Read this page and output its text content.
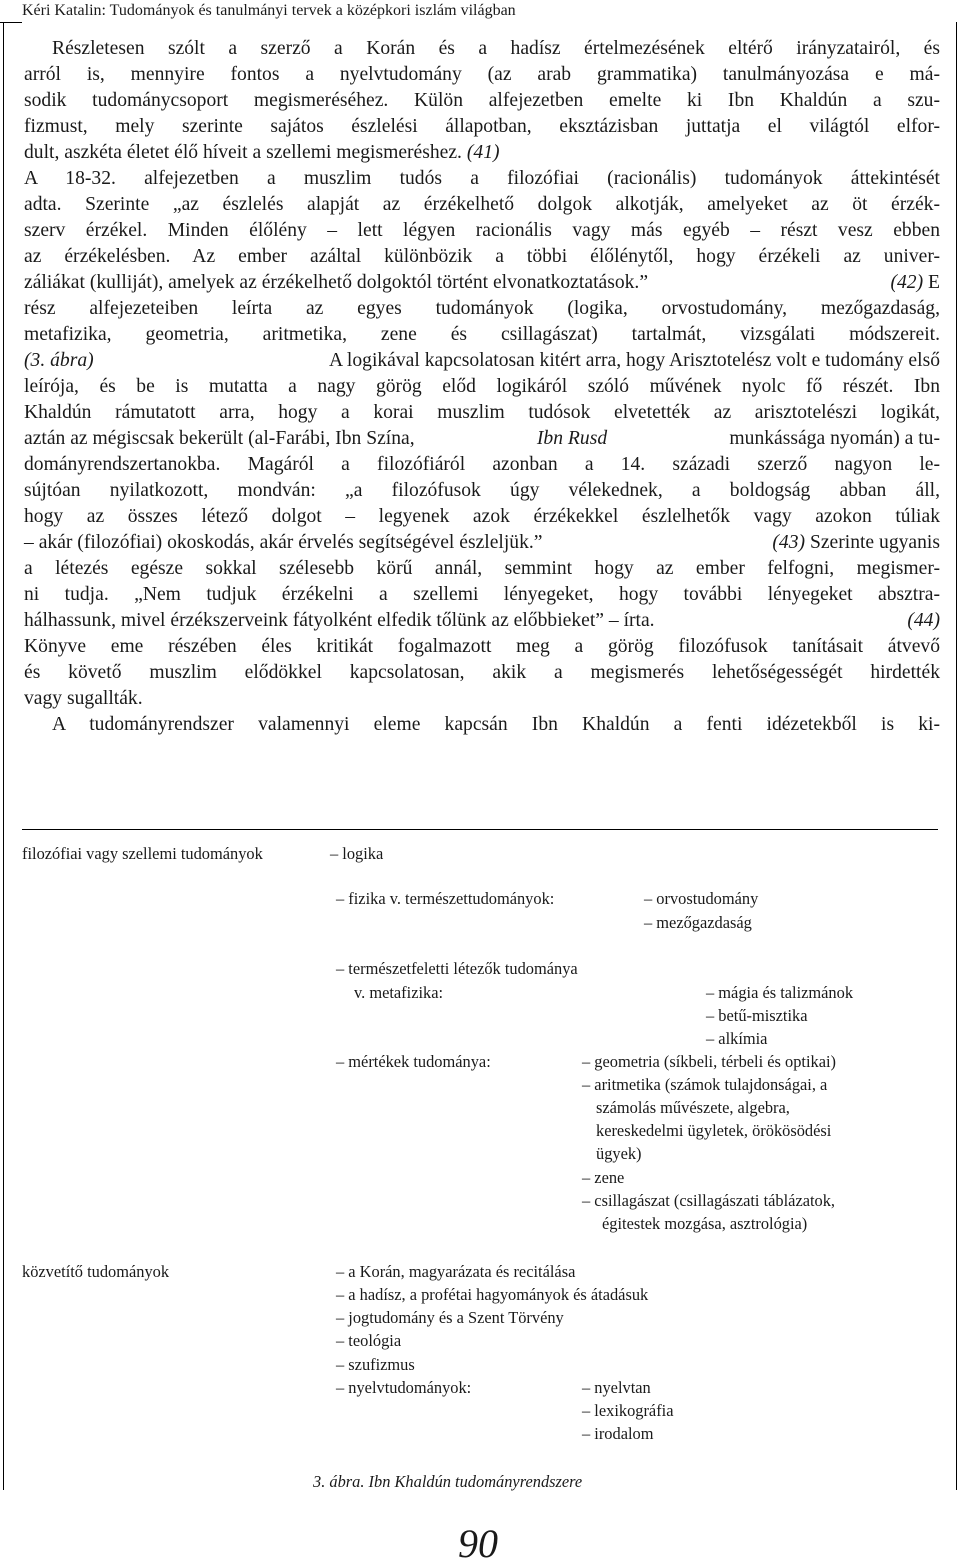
Kéri Katalin: Tudományok és tanulmányi tervek a középkori iszlám világban
Részletesen szólt a szerző a Korán és a hadísz értelmezésének eltérő irányzatairól, és
arról is, mennyire fontos a nyelvtudomány (az arab grammatika) tanulmányozása e má-
sodik tudománycsoport megismeréséhez. Külön alfejezetben emelte ki Ibn Khaldún a szu-
fizmust, mely szerinte sajátos észlelési állapotban, eksztázisban juttatja el világtól elfor-
dult, aszkéta életet élő híveit a szellemi megismeréshez. (41)
A 18-32. alfejezetben a muszlim tudós a filozófiai (racionális) tudományok áttekintését
adta. Szerinte „az észlelés alapját az érzékelhető dolgok alkotják, amelyeket az öt érzék-
szerv érzékel. Minden élőlény – lett légyen racionális vagy más egyéb – részt vesz ebben
az érzékelésben. Az ember azáltal különbözik a többi élőlénytől, hogy érzékeli az univer-
záliákat (kulliját), amelyek az érzékelhető dolgoktól történt elvonatkoztatások.”	(42) E
rész alfejezeteiben leírta az egyes tudományok (logika, orvostudomány, mezőgazdaság,
metafizika, geometria, aritmetika, zene és csillagászat) tartalmát, vizsgálati módszereit.
(3. ábra)	A logikával kapcsolatosan kitért arra, hogy Arisztotelész volt e tudomány első
leírója, és be is mutatta a nagy görög előd logikáról szóló művének nyolc fő részét. Ibn
Khaldún rámutatott arra, hogy a korai muszlim tudósok elvetették az arisztotelészi logikát,
aztán az mégiscsak bekerült (al-Farábi, Ibn Szína,	Ibn Rusd	munkássága nyomán) a tu-
dományrendszertanokba. Magáról a filozófiáról azonban a 14. századi szerző nagyon le-
sújtóan nyilatkozott, mondván: „a filozófusok úgy vélekednek, a boldogság abban áll,
hogy az összes létező dolgot – legyenek azok érzékekkel észlelhetők vagy azokon túliak
– akár (filozófiai) okoskodás, akár érvelés segítségével észleljük.”	(43) Szerinte ugyanis
a létezés egésze sokkal szélesebb körű annál, semmint hogy az ember felfogni, megismer-
ni tudja. „Nem tudjuk érzékelni a szellemi lényegeket, hogy további lényegeket absztra-
hálhassunk, mivel érzékszerveink fátyolként elfedik tőlünk az előbbieket” – írta.	(44)
Könyve eme részében éles kritikát fogalmazott meg a görög filozófusok tanításait átvevő
és követő muszlim elődökkel kapcsolatosan, akik a megismerés lehetőségességét hirdették
vagy sugallták.
A tudományrendszer valamennyi eleme kapcsán Ibn Khaldún a fenti idézetekből is ki-
filozófiai vagy szellemi tudományok	– logika
– fizika v. természettudományok:	– orvostudomány
– mezőgazdaság
– természetfeletti létezők tudománya
v. metafizika:	– mágia és talizmánok
– betű-misztika
– alkímia
– mértékek tudománya:	– geometria (síkbeli, térbeli és optikai)
– aritmetika (számok tulajdonságai, a
számolás művészete, algebra,
kereskedelmi ügyletek, örökösödési
ügyek)
– zene
– csillagászat (csillagászati táblázatok,
égitestek mozgása, asztrológia)
közvetítő tudományok	– a Korán, magyarázata és recitálása
– a hadísz, a profétai hagyományok és átadásuk
– jogtudomány és a Szent Törvény
– teológia
– szufizmus
– nyelvtudományok:	– nyelvtan
– lexikográfia
– irodalom
3. ábra. Ibn Khaldún tudományrendszere
90
